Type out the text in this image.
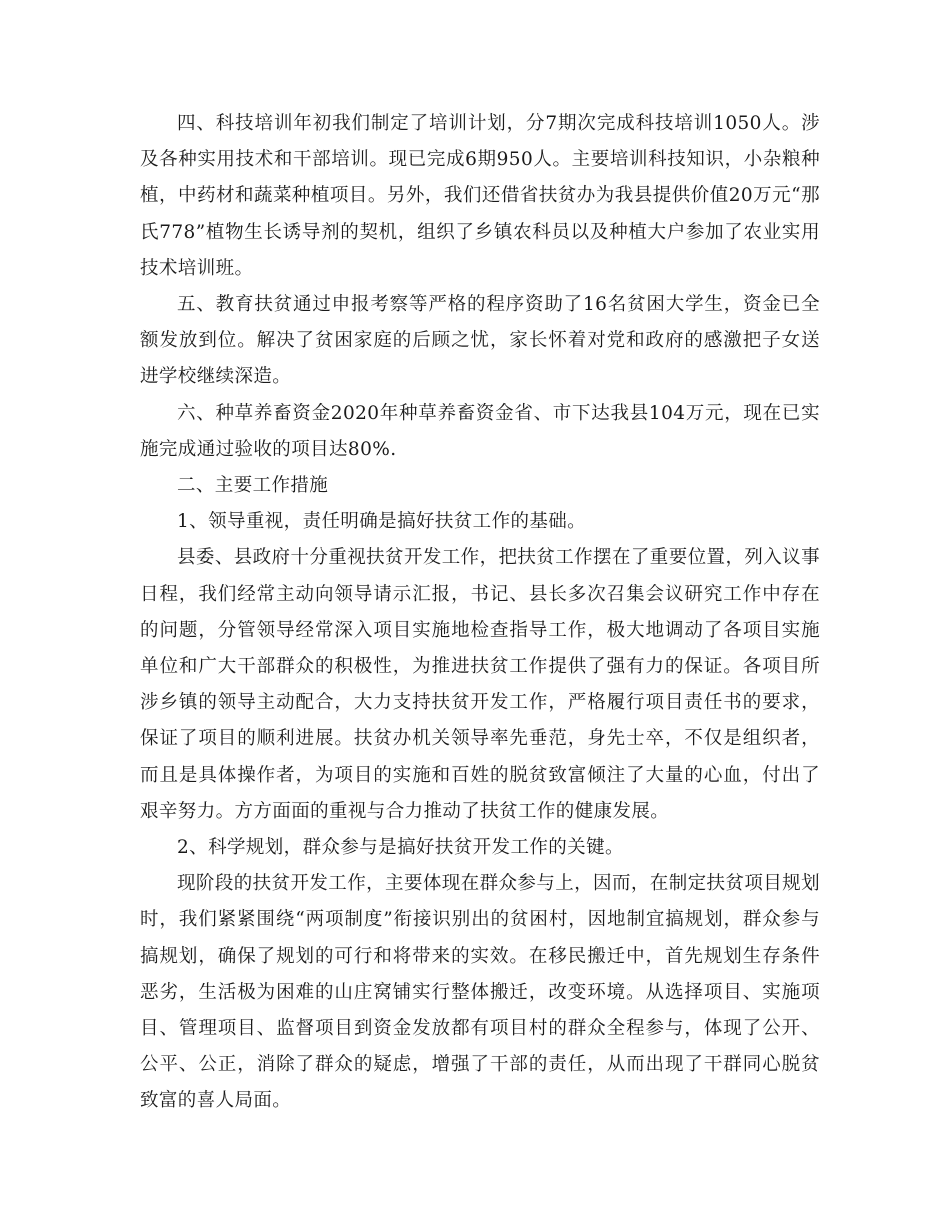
四、科技培训年初我们制定了培训计划，分7期次完成科技培训1050人。涉及各种实用技术和干部培训。现已完成6期950人。主要培训科技知识，小杂粮种植，中药材和蔬菜种植项目。另外，我们还借省扶贫办为我县提供价值20万元“那氏778”植物生长诱导剂的契机，组织了乡镇农科员以及种植大户参加了农业实用技术培训班。

五、教育扶贫通过申报考察等严格的程序资助了16名贫困大学生，资金已全额发放到位。解决了贫困家庭的后顾之忧，家长怀着对党和政府的感激把子女送进学校继续深造。

六、种草养畜资金2020年种草养畜资金省、市下达我县104万元，现在已实施完成通过验收的项目达80%.

二、主要工作措施

1、领导重视，责任明确是搞好扶贫工作的基础。

县委、县政府十分重视扶贫开发工作，把扶贫工作摆在了重要位置，列入议事日程，我们经常主动向领导请示汇报，书记、县长多次召集会议研究工作中存在的问题，分管领导经常深入项目实施地检查指导工作，极大地调动了各项目实施单位和广大干部群众的积极性，为推进扶贫工作提供了强有力的保证。各项目所涉乡镇的领导主动配合，大力支持扶贫开发工作，严格履行项目责任书的要求，保证了项目的顺利进展。扶贫办机关领导率先垂范，身先士卒，不仅是组织者，而且是具体操作者，为项目的实施和百姓的脱贫致富倾注了大量的心血，付出了艰辛努力。方方面面的重视与合力推动了扶贫工作的健康发展。

2、科学规划，群众参与是搞好扶贫开发工作的关键。

现阶段的扶贫开发工作，主要体现在群众参与上，因而，在制定扶贫项目规划时，我们紧紧围绕“两项制度”衔接识别出的贫困村，因地制宜搞规划，群众参与搞规划，确保了规划的可行和将带来的实效。在移民搬迁中，首先规划生存条件恶劣，生活极为困难的山庄窝铺实行整体搬迁，改变环境。从选择项目、实施项目、管理项目、监督项目到资金发放都有项目村的群众全程参与，体现了公开、公平、公正，消除了群众的疑虑，增强了干部的责任，从而出现了干群同心脱贫致富的喜人局面。
